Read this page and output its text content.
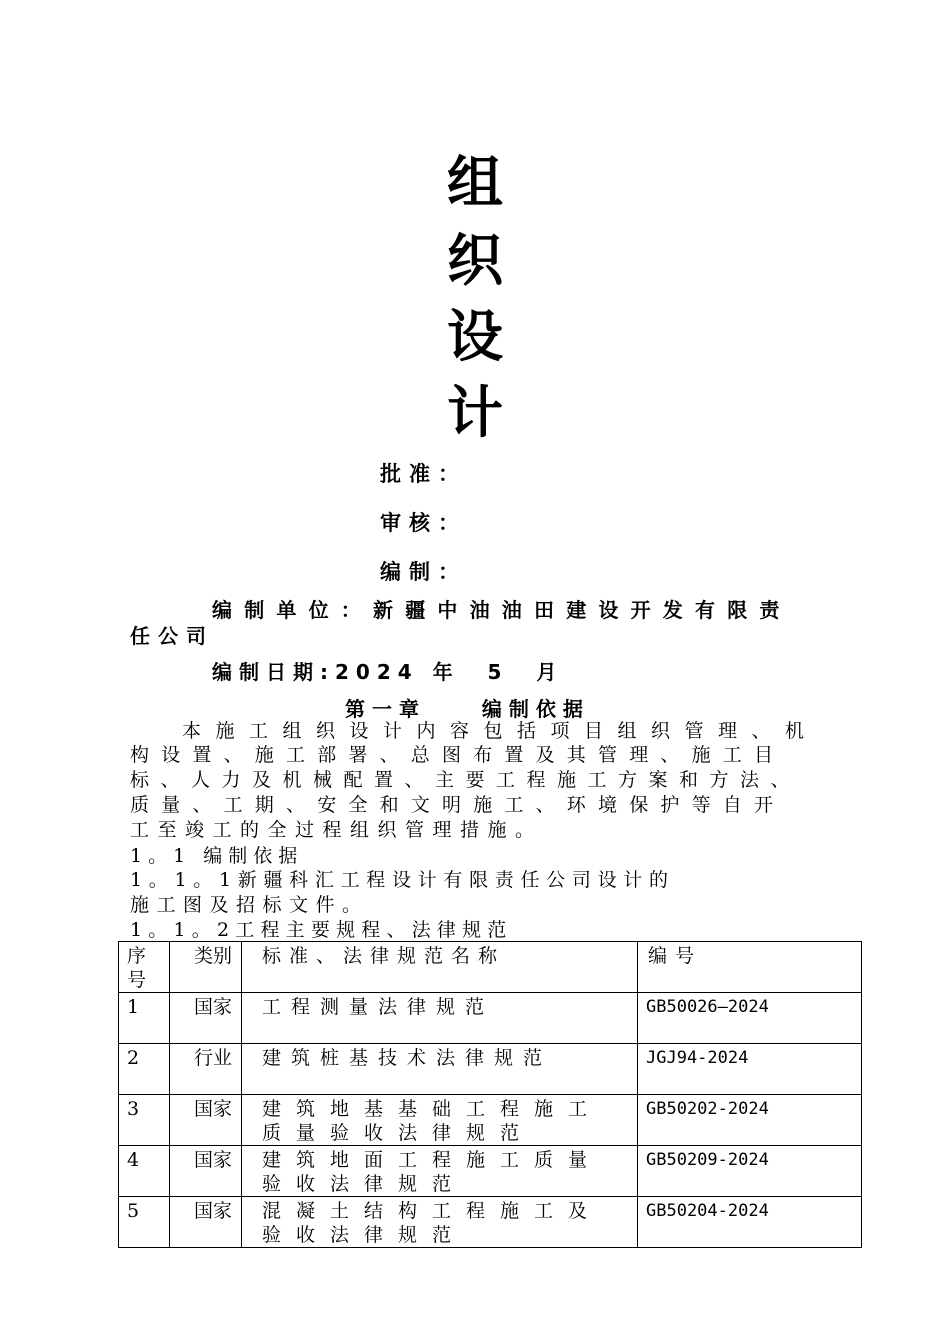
组
织
设
计
批准：
审核：
编制：
编制单位：新疆中油油田建设开发有限责
任公司
编制日期:2024 年  5  月
第一章    编制依据
本施工组织设计内容包括项目组织管理、机
构设置、施工部署、总图布置及其管理、施工目
标、人力及机械配置、主要工程施工方案和方法、
质量、工期、安全和文明施工、环境保护等自开
工至竣工的全过程组织管理措施。
1。1 编制依据
1。1。1新疆科汇工程设计有限责任公司设计的
施工图及招标文件。
1。1。2工程主要规程、法律规范
序号	类别	标准、法律规范名称	编号
1	国家	工程测量法律规范	GB50026—2024
2	行业	建筑桩基技术法律规范	JGJ94-2024
3	国家	建筑地基基础工程施工质量验收法律规范	GB50202-2024
4	国家	建筑地面工程施工质量验收法律规范	GB50209-2024
5	国家	混凝土结构工程施工及验收法律规范	GB50204-2024
